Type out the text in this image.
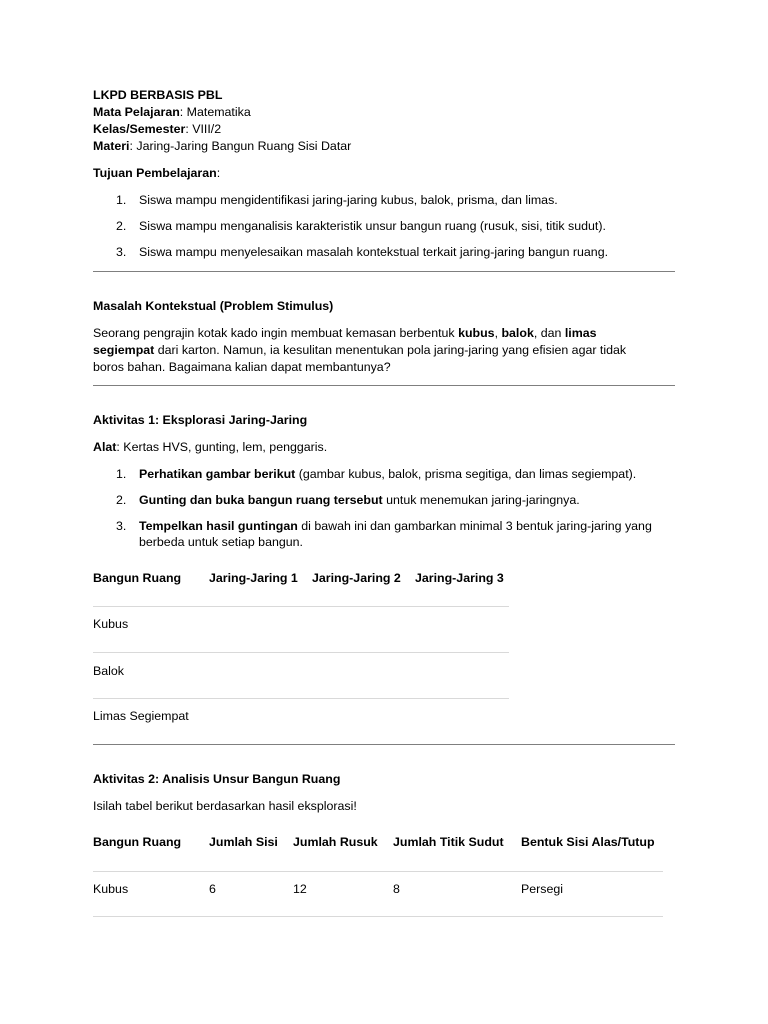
LKPD BERBASIS PBL
Mata Pelajaran: Matematika
Kelas/Semester: VIII/2
Materi: Jaring-Jaring Bangun Ruang Sisi Datar
Tujuan Pembelajaran:
1. Siswa mampu mengidentifikasi jaring-jaring kubus, balok, prisma, dan limas.
2. Siswa mampu menganalisis karakteristik unsur bangun ruang (rusuk, sisi, titik sudut).
3. Siswa mampu menyelesaikan masalah kontekstual terkait jaring-jaring bangun ruang.
Masalah Kontekstual (Problem Stimulus)
Seorang pengrajin kotak kado ingin membuat kemasan berbentuk kubus, balok, dan limas
segiempat dari karton. Namun, ia kesulitan menentukan pola jaring-jaring yang efisien agar tidak
boros bahan. Bagaimana kalian dapat membantunya?
Aktivitas 1: Eksplorasi Jaring-Jaring
Alat: Kertas HVS, gunting, lem, penggaris.
1. Perhatikan gambar berikut (gambar kubus, balok, prisma segitiga, dan limas segiempat).
2. Gunting dan buka bangun ruang tersebut untuk menemukan jaring-jaringnya.
3. Tempelkan hasil guntingan di bawah ini dan gambarkan minimal 3 bentuk jaring-jaring yang
berbeda untuk setiap bangun.
Bangun Ruang	Jaring-Jaring 1	Jaring-Jaring 2	Jaring-Jaring 3
Kubus			
Balok			
Limas Segiempat			
Aktivitas 2: Analisis Unsur Bangun Ruang
Isilah tabel berikut berdasarkan hasil eksplorasi!
Bangun Ruang	Jumlah Sisi	Jumlah Rusuk	Jumlah Titik Sudut	Bentuk Sisi Alas/Tutup
Kubus	6	12	8	Persegi
